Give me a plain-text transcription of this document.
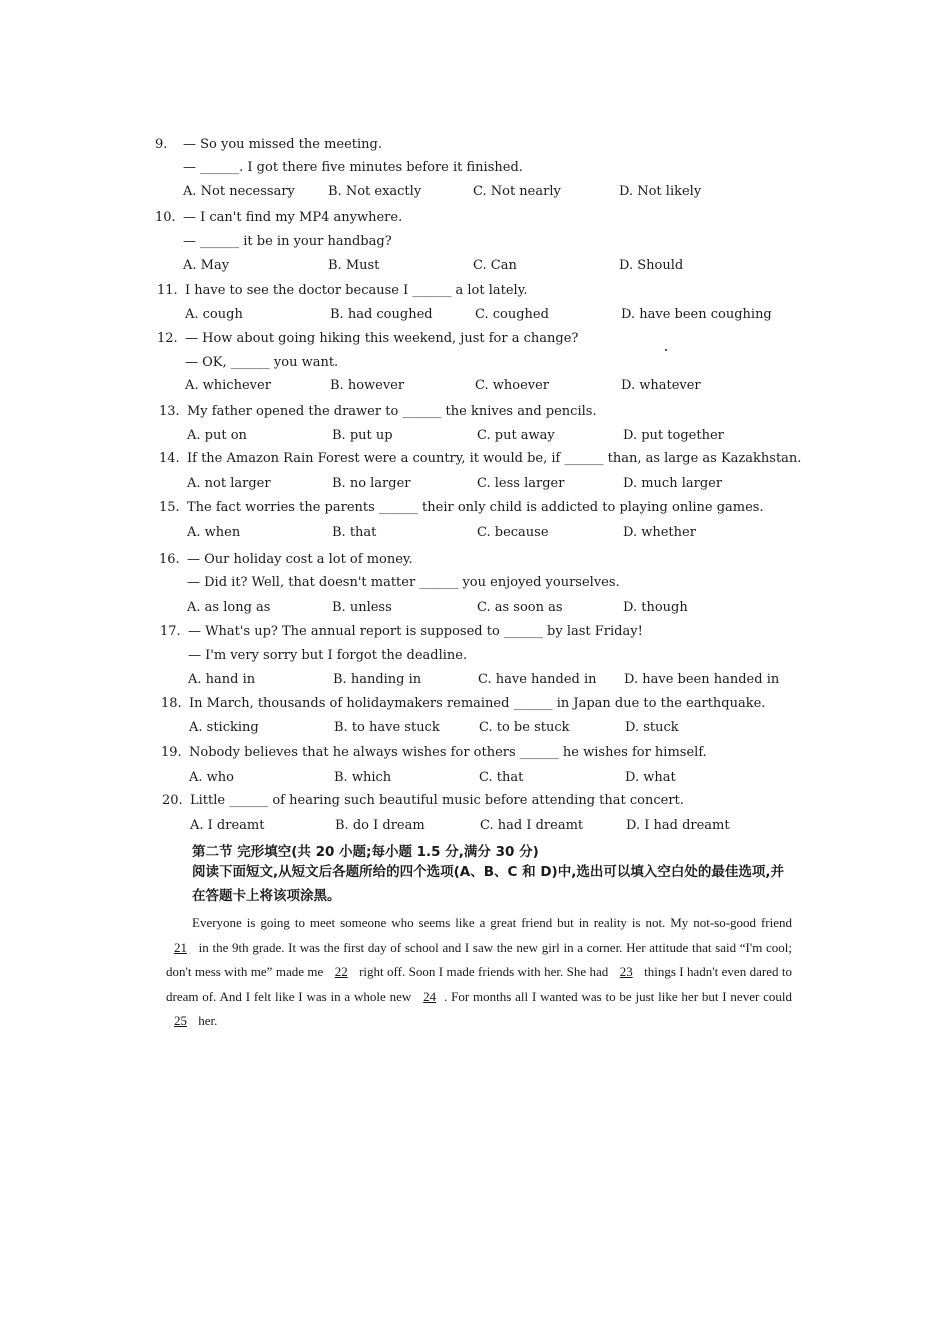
9. — So you missed the meeting.
— ______. I got there five minutes before it finished.
A. Not necessary	B. Not exactly	C. Not nearly	D. Not likely
10. — I can't find my MP4 anywhere.
— ______ it be in your handbag?
A. May	B. Must	C. Can	D. Should
11. I have to see the doctor because I ______ a lot lately.
A. cough	B. had coughed	C. coughed	D. have been coughing
12. — How about going hiking this weekend, just for a change?
— OK, ______ you want.
A. whichever	B. however	C. whoever	D. whatever
13. My father opened the drawer to ______ the knives and pencils.
A. put on	B. put up	C. put away	D. put together
14. If the Amazon Rain Forest were a country, it would be, if ______ than, as large as Kazakhstan.
A. not larger	B. no larger	C. less larger	D. much larger
15. The fact worries the parents ______ their only child is addicted to playing online games.
A. when	B. that	C. because	D. whether
16. — Our holiday cost a lot of money.
— Did it? Well, that doesn't matter ______ you enjoyed yourselves.
A. as long as	B. unless	C. as soon as	D. though
17. — What's up? The annual report is supposed to ______ by last Friday!
— I'm very sorry but I forgot the deadline.
A. hand in	B. handing in	C. have handed in D. have been handed in
18. In March, thousands of holidaymakers remained ______ in Japan due to the earthquake.
A. sticking	B. to have stuck	C. to be stuck	D. stuck
19. Nobody believes that he always wishes for others ______ he wishes for himself.
A. who	B. which	C. that	D. what
20. Little ______ of hearing such beautiful music before attending that concert.
A. I dreamt	B. do I dream	C. had I dreamt	D. I had dreamt
第二节 完形填空(共 20 小题;每小题 1.5 分,满分 30 分)
阅读下面短文,从短文后各题所给的四个选项(A、B、C 和 D)中,选出可以填入空白处的最佳选项,并在答题卡上将该项涂黑。
Everyone is going to meet someone who seems like a great friend but in reality is not. My not-so-good friend 21 in the 9th grade. It was the first day of school and I saw the new girl in a corner. Her attitude that said “I'm cool; don't mess with me” made me 22 right off. Soon I made friends with her. She had 23 things I hadn't even dared to dream of. And I felt like I was in a whole new 24 . For months all I wanted was to be just like her but I never could 25 her.
